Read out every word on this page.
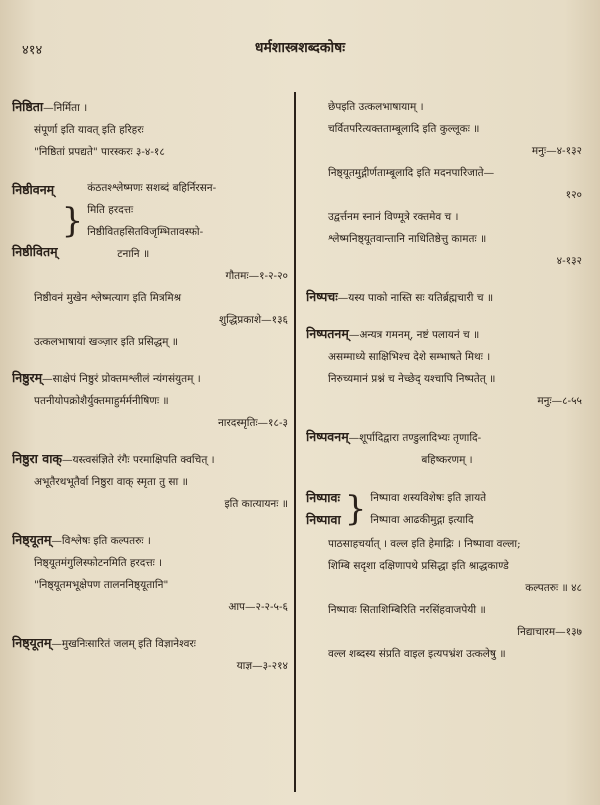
४१४	धर्मशास्त्रशब्दकोषः
निष्ठिता—निर्मिता ।
संपूर्णा इति यावत् इति हरिहरः
"निष्ठितां प्रपद्यते" पारस्करः ३-४-१८
निष्ठीवनम्
निष्ठीवितम्
}
कंठतश्श्लेष्मणः सशब्दं बहिर्निरसन-
मिति हरदत्तः
निष्ठीवितहसितविजृम्भितावस्फो-
टनानि ॥
गौतमः—१-२-२०
निष्ठीवनं मुखेन श्लेष्मत्याग इति मित्रमिश्र
शुद्धिप्रकाशे—१३६
उत्कलभाषायां खञ्ज़ार इति प्रसिद्धम् ॥
निष्ठुरम्—साक्षेपं निष्ठुरं प्रोक्तमश्लीलं न्यंगसंयुतम् ।
पतनीयोपक्रोशैर्युक्तमाहुर्मर्मनीषिणः ॥
नारदस्मृतिः—१८-३
निष्ठुरा वाक्—यस्त्वसंज्ञिते रंगैः परमाक्षिपति क्वचित् ।
अभूतैरथभूतैर्वा निष्ठुरा वाक् स्मृता तु सा ॥
इति कात्यायनः ॥
निष्ठ्यूतम्—विश्लेषः इति कल्पतरुः ।
निष्ठ्यूतमंगुलिस्फोटनमिति हरदत्तः ।
"निष्ठ्यूतमभूक्षेपण तालननिष्ठ्यूतानि"
आप—२-२-५-६
निष्ठ्यूतम्—मुखनिःसारितं जलम् इति विज्ञानेश्वरः
याज्ञ—३-२१४
छेपइति उत्कलभाषायाम् ।
चर्वितपरित्यक्तताम्बूलादि इति कुल्लूकः ॥
मनुः—४-१३२
निष्ठ्यूतमुद्गीर्णताम्बूलादि इति मदनपारिजाते—
१२०
उद्वर्त्तनम स्नानं विण्मूत्रे रक्तमेव च ।
श्लेष्मनिष्ठ्यूतवान्तानि नाधितिष्ठेत्तु कामतः ॥
४-१३२
निष्पचः—यस्य पाको नास्ति सः यतिर्ब्रह्मचारी च ॥
निष्पतनम्—अन्यत्र गमनम्, नष्टं पलायनं च ॥
असम्माध्ये साक्षिभिश्च देशे सम्भाषते मिथः ।
निरुच्यमानं प्रश्नं च नेच्छेद् यश्चापि निष्पतेत् ॥
मनुः—८-५५
निष्पवनम्—शूर्पादिद्वारा तण्डुलादिभ्यः तृणादि-
बहिष्करणम् ।
निष्पावः
निष्पावा } निष्पावा शस्यविशेषः इति ज्ञायते
निष्पावा आढकीमुद्गा इत्यादि
पाठसाहचर्यात् । वल्ल इति हेमाद्रिः । निष्पावा वल्ला;
शिम्बि सदृशा दक्षिणापथे प्रसिद्धा इति श्राद्धकाण्डे
कल्पतरुः ॥ ४८
निष्पावः सिताशिम्बिरिति नरसिंहवाजपेयी ॥
निद्याचारम—१३७
वल्ल शब्दस्य संप्रति वाइल इत्यपभ्रंश उत्कलेषु ॥
